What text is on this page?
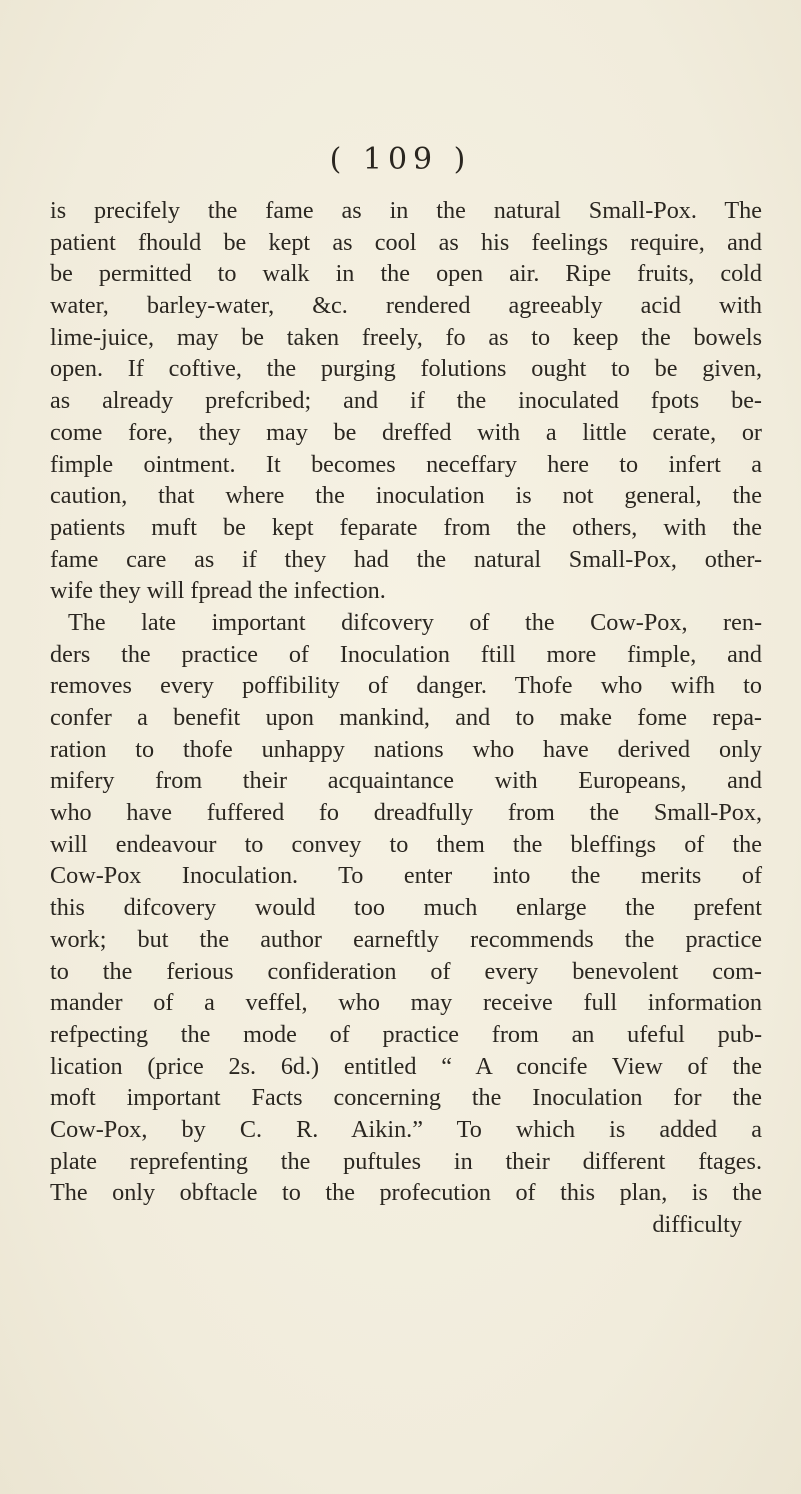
( 109 )
is precifely the fame as in the natural Small-Pox. The
patient fhould be kept as cool as his feelings require, and
be permitted to walk in the open air. Ripe fruits, cold
water, barley-water, &c. rendered agreeably acid with
lime-juice, may be taken freely, fo as to keep the bowels
open. If coftive, the purging folutions ought to be given,
as already prefcribed; and if the inoculated fpots be-
come fore, they may be dreffed with a little cerate, or
fimple ointment. It becomes neceffary here to infert a
caution, that where the inoculation is not general, the
patients muft be kept feparate from the others, with the
fame care as if they had the natural Small-Pox, other-
wife they will fpread the infection.
The late important difcovery of the Cow-Pox, ren-
ders the practice of Inoculation ftill more fimple, and
removes every poffibility of danger. Thofe who wifh to
confer a benefit upon mankind, and to make fome repa-
ration to thofe unhappy nations who have derived only
mifery from their acquaintance with Europeans, and
who have fuffered fo dreadfully from the Small-Pox,
will endeavour to convey to them the bleffings of the
Cow-Pox Inoculation. To enter into the merits of
this difcovery would too much enlarge the prefent
work; but the author earneftly recommends the practice
to the ferious confideration of every benevolent com-
mander of a veffel, who may receive full information
refpecting the mode of practice from an ufeful pub-
lication (price 2s. 6d.) entitled “ A concife View of the
moft important Facts concerning the Inoculation for the
Cow-Pox, by C. R. Aikin.” To which is added a
plate reprefenting the puftules in their different ftages.
The only obftacle to the profecution of this plan, is the
difficulty
